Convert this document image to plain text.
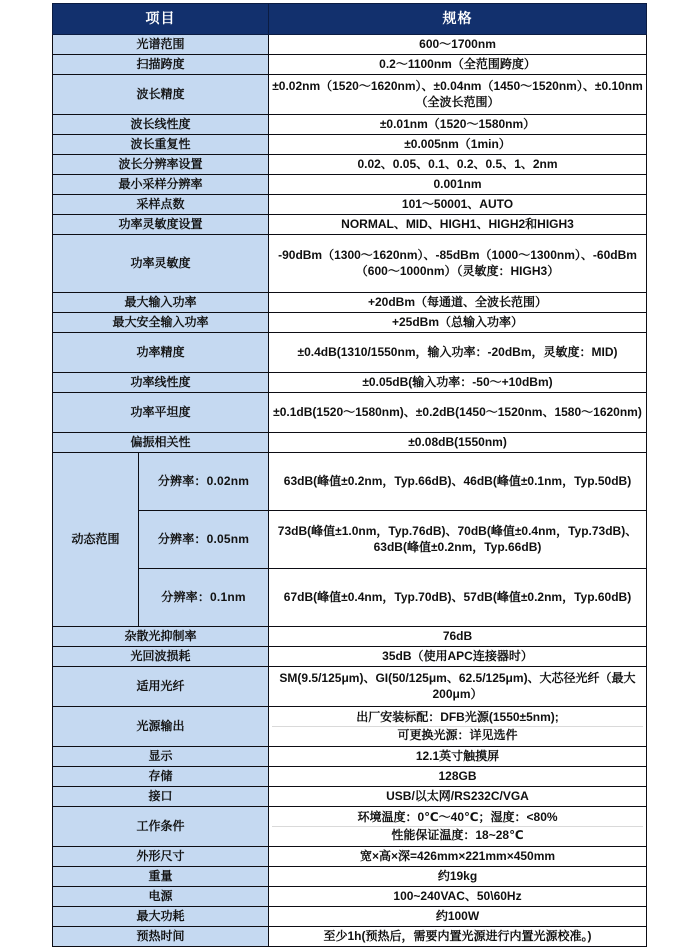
项目		规格
光谱范围		600～1700nm
扫描跨度		0.2～1100nm（全范围跨度）
波长精度		±0.02nm（1520～1620nm）、±0.04nm（1450～1520nm）、±0.10nm（全波长范围）
波长线性度		±0.01nm（1520～1580nm）
波长重复性		±0.005nm（1min）
波长分辨率设置		0.02、0.05、0.1、0.2、0.5、1、2nm
最小采样分辨率		0.001nm
采样点数		101～50001、AUTO
功率灵敏度设置		NORMAL、MID、HIGH1、HIGH2和HIGH3
功率灵敏度		-90dBm（1300～1620nm）、-85dBm（1000～1300nm）、-60dBm（600～1000nm）（灵敏度：HIGH3）
最大输入功率		+20dBm（每通道、全波长范围）
最大安全输入功率		+25dBm（总输入功率）
功率精度		±0.4dB(1310/1550nm，输入功率：-20dBm，灵敏度：MID)
功率线性度		±0.05dB(输入功率：-50～+10dBm)
功率平坦度		±0.1dB(1520～1580nm)、±0.2dB(1450～1520nm、1580～1620nm)
偏振相关性		±0.08dB(1550nm)
动态范围	分辨率：0.02nm	63dB(峰值±0.2nm，Typ.66dB)、46dB(峰值±0.1nm，Typ.50dB)
	分辨率：0.05nm	73dB(峰值±1.0nm，Typ.76dB)、70dB(峰值±0.4nm，Typ.73dB)、63dB(峰值±0.2nm，Typ.66dB)
	分辨率：0.1nm	67dB(峰值±0.4nm，Typ.70dB)、57dB(峰值±0.2nm，Typ.60dB)
杂散光抑制率		76dB
光回波损耗		35dB（使用APC连接器时）
适用光纤		SM(9.5/125μm)、GI(50/125μm、62.5/125μm)、大芯径光纤（最大200μm）
光源输出		出厂安装标配：DFB光源(1550±5nm);
可更换光源：详见选件

显示		12.1英寸触摸屏
存储		128GB
接口		USB/以太网/RS232C/VGA
工作条件		环境温度：0℃～40℃；湿度：<80%
性能保证温度：18~28℃

外形尺寸		宽×高×深=426mm×221mm×450mm
重量		约19kg
电源		100~240VAC、50\60Hz
最大功耗		约100W
预热时间		至少1h(预热后，需要内置光源进行内置光源校准。)
